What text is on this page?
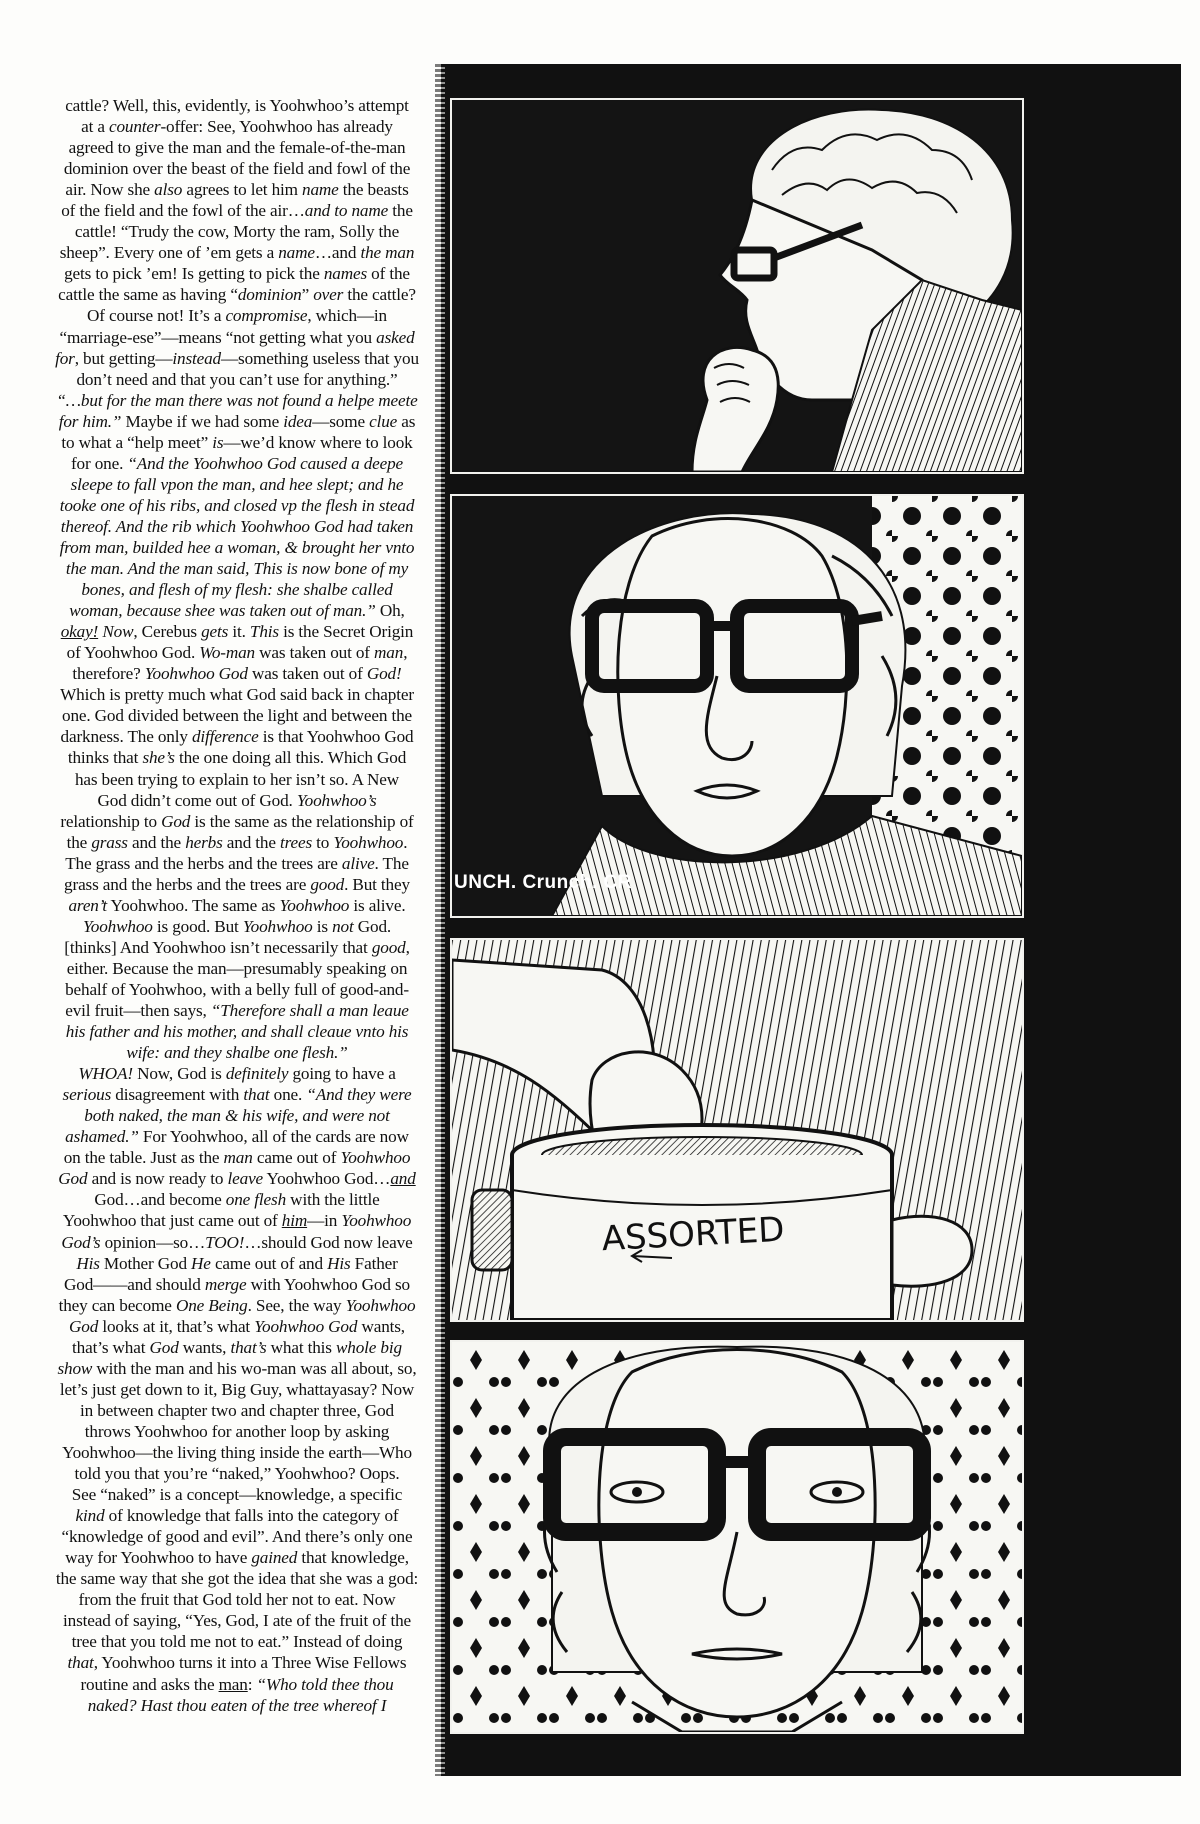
cattle? Well, this, evidently, is Yoohwhoo’s attempt
at a counter-offer: See, Yoohwhoo has already
agreed to give the man and the female-of-the-man
dominion over the beast of the field and fowl of the
air. Now she also agrees to let him name the beasts
of the field and the fowl of the air…and to name the
cattle! “Trudy the cow, Morty the ram, Solly the
sheep”. Every one of ’em gets a name…and the man
gets to pick ’em! Is getting to pick the names of the
cattle the same as having “dominion” over the cattle?
Of course not! It’s a compromise, which—in
“marriage-ese”—means “not getting what you asked
for, but getting—instead—something useless that you
don’t need and that you can’t use for anything.”
“…but for the man there was not found a helpe meete
for him.” Maybe if we had some idea—some clue as
to what a “help meet” is—we’d know where to look
for one. “And the Yoohwhoo God caused a deepe
sleepe to fall vpon the man, and hee slept; and he
tooke one of his ribs, and closed vp the flesh in stead
thereof. And the rib which Yoohwhoo God had taken
from man, builded hee a woman, & brought her vnto
the man. And the man said, This is now bone of my
bones, and flesh of my flesh: she shalbe called
woman, because shee was taken out of man.” Oh,
okay! Now, Cerebus gets it. This is the Secret Origin
of Yoohwhoo God. Wo-man was taken out of man,
therefore? Yoohwhoo God was taken out of God!
Which is pretty much what God said back in chapter
one. God divided between the light and between the
darkness. The only difference is that Yoohwhoo God
thinks that she’s the one doing all this. Which God
has been trying to explain to her isn’t so. A New
God didn’t come out of God. Yoohwhoo’s
relationship to God is the same as the relationship of
the grass and the herbs and the trees to Yoohwhoo.
The grass and the herbs and the trees are alive. The
grass and the herbs and the trees are good. But they
aren’t Yoohwhoo. The same as Yoohwhoo is alive.
Yoohwhoo is good. But Yoohwhoo is not God.
[thinks] And Yoohwhoo isn’t necessarily that good,
either. Because the man—presumably speaking on
behalf of Yoohwhoo, with a belly full of good-and-
evil fruit—then says, “Therefore shall a man leaue
his father and his mother, and shall cleaue vnto his
wife: and they shalbe one flesh.”
WHOA! Now, God is definitely going to have a
serious disagreement with that one. “And they were
both naked, the man & his wife, and were not
ashamed.” For Yoohwhoo, all of the cards are now
on the table. Just as the man came out of Yoohwhoo
God and is now ready to leave Yoohwhoo God…and
God…and become one flesh with the little
Yoohwhoo that just came out of him—in Yoohwhoo
God’s opinion—so…TOO!…should God now leave
His Mother God He came out of and His Father
God——and should merge with Yoohwhoo God so
they can become One Being. See, the way Yoohwhoo
God looks at it, that’s what Yoohwhoo God wants,
that’s what God wants, that’s what this whole big
show with the man and his wo-man was all about, so,
let’s just get down to it, Big Guy, whattayasay? Now
in between chapter two and chapter three, God
throws Yoohwhoo for another loop by asking
Yoohwhoo—the living thing inside the earth—Who
told you that you’re “naked,” Yoohwhoo? Oops.
See “naked” is a concept—knowledge, a specific
kind of knowledge that falls into the category of
“knowledge of good and evil”. And there’s only one
way for Yoohwhoo to have gained that knowledge,
the same way that she got the idea that she was a god:
from the fruit that God told her not to eat. Now
instead of saying, “Yes, God, I ate of the fruit of the
tree that you told me not to eat.” Instead of doing
that, Yoohwhoo turns it into a Three Wise Fellows
routine and asks the man: “Who told thee thou
naked? Hast thou eaten of the tree whereof I
UNCH. Crunch. CR
ASSORTED
